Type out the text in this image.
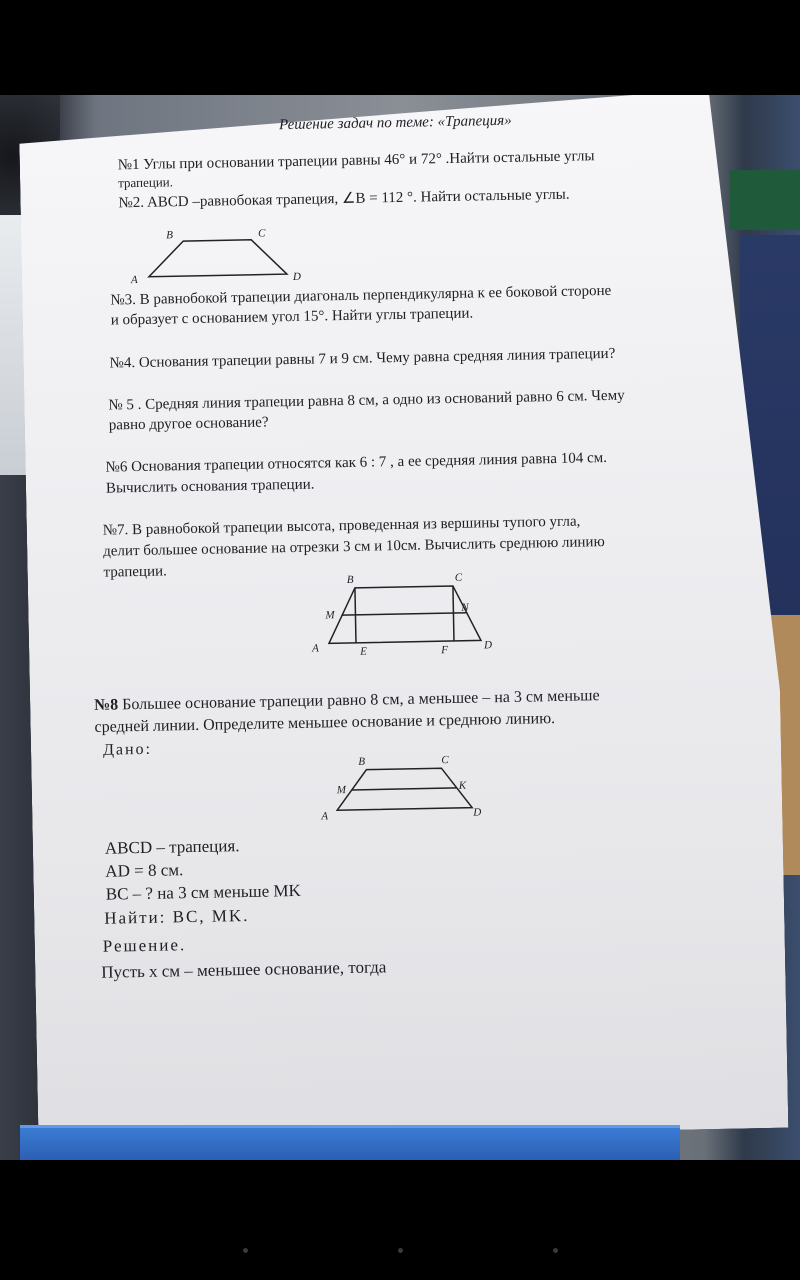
Решение задач по теме: «Трапеция»
№1 Углы при основании трапеции равны 46° и 72° .Найти остальные углы
трапеции.
№2. ABCD –равнобокая трапеция, ∠B = 112 °. Найти остальные углы.
B	C
A	D
№3. В равнобокой трапеции диагональ перпендикулярна к ее боковой стороне
и образует с основанием угол 15°. Найти углы трапеции.
№4. Основания трапеции равны 7 и 9 см. Чему равна средняя линия трапеции?
№ 5 . Средняя линия трапеции равна 8 см, а одно из оснований равно 6 см. Чему
равно другое основание?
№6 Основания трапеции относятся как 6 : 7 , а ее средняя линия равна 104 см.
Вычислить основания трапеции.
№7. В равнобокой трапеции высота, проведенная из вершины тупого угла,
делит большее основание на отрезки 3 см и 10см. Вычислить среднюю линию
трапеции.	B	C
M
N
A	E	F	D
№8 Большее основание трапеции равно 8 см, а меньшее – на 3 см меньше
средней линии. Определите меньшее основание и среднюю линию.
Дано:
B	C
M	K
A	D
ABCD – трапеция.
AD = 8 см.
BC – ? на 3 см меньше MK
Найти: BC, MK.
Решение.
Пусть x см – меньшее основание, тогда
